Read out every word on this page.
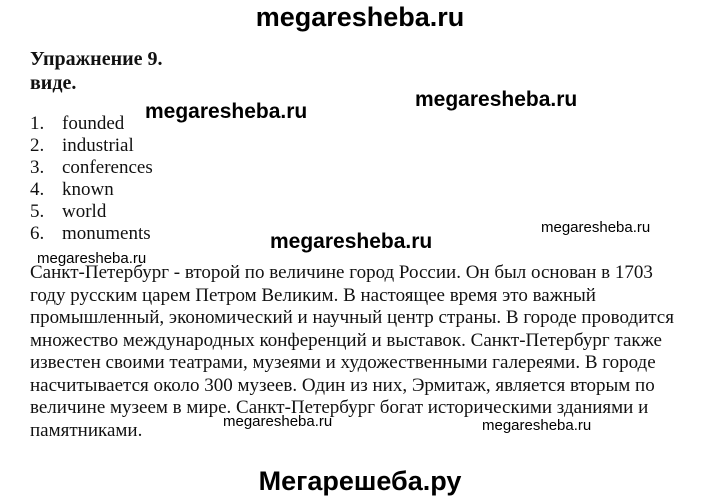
megaresheba.ru
Упражнение 9.
виде.
megaresheba.ru
megaresheba.ru
1. founded
2. industrial
3. conferences
4. known
5. world
6. monuments	megaresheba.ru
megaresheba.ru
megaresheba.ru
Санкт-Петербург - второй по величине город России. Он был основан в 1703
году русским царем Петром Великим. В настоящее время это важный
промышленный, экономический и научный центр страны. В городе проводится
множество международных конференций и выставок. Санкт-Петербург также
известен своими театрами, музеями и художественными галереями. В городе
насчитывается около 300 музеев. Один из них, Эрмитаж, является вторым по
величине музеем в мире. Санкт-Петербург богат историческими зданиями и
памятниками.	megaresheba.ru	megaresheba.ru
Мегарешеба.ру
